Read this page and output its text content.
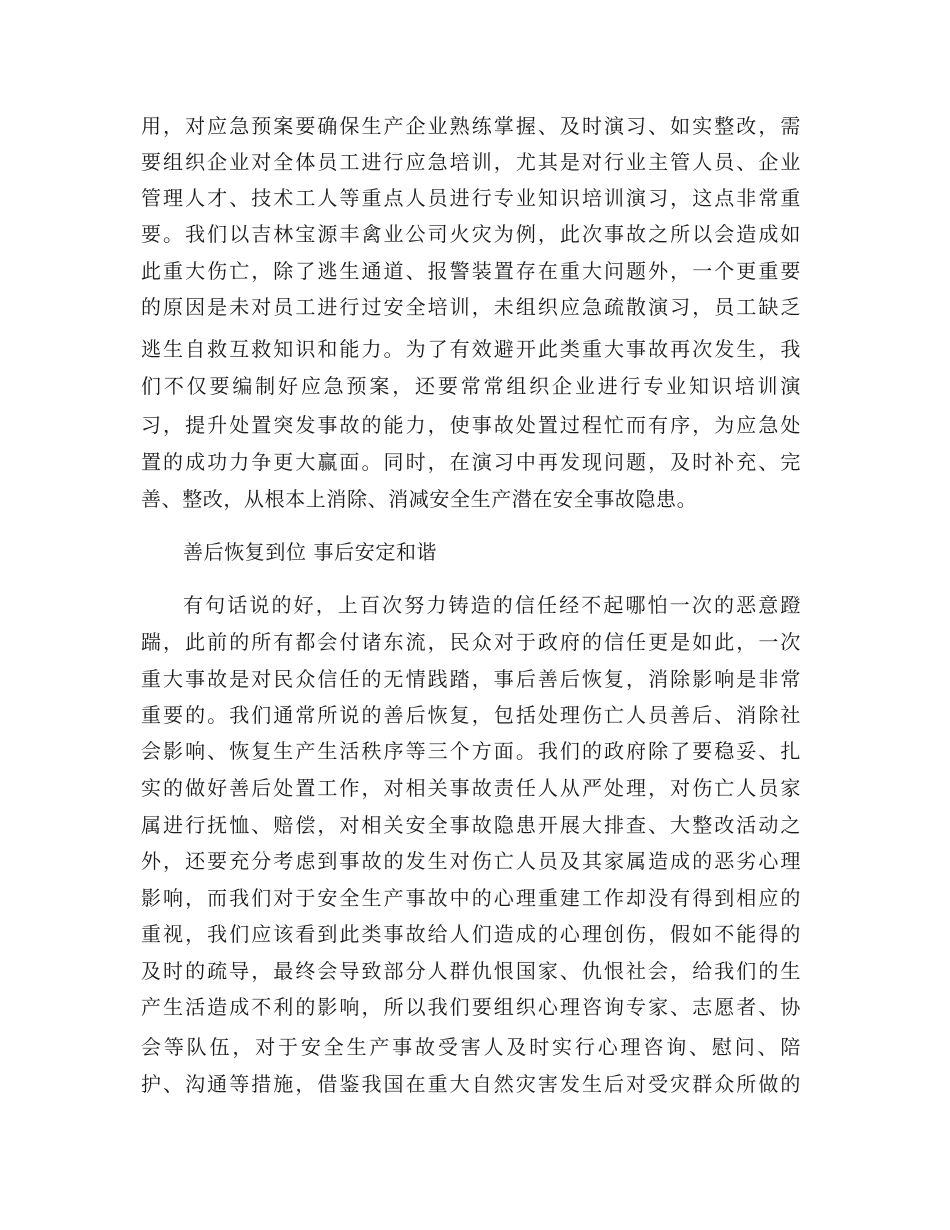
用，对应急预案要确保生产企业熟练掌握、及时演习、如实整改，需
要组织企业对全体员工进行应急培训，尤其是对行业主管人员、企业
管理人才、技术工人等重点人员进行专业知识培训演习，这点非常重
要。我们以吉林宝源丰禽业公司火灾为例，此次事故之所以会造成如
此重大伤亡，除了逃生通道、报警装置存在重大问题外，一个更重要
的原因是未对员工进行过安全培训，未组织应急疏散演习，员工缺乏
逃生自救互救知识和能力。为了有效避开此类重大事故再次发生，我
们不仅要编制好应急预案，还要常常组织企业进行专业知识培训演
习，提升处置突发事故的能力，使事故处置过程忙而有序，为应急处
置的成功力争更大赢面。同时，在演习中再发现问题，及时补充、完
善、整改，从根本上消除、消减安全生产潜在安全事故隐患。
善后恢复到位 事后安定和谐
有句话说的好，上百次努力铸造的信任经不起哪怕一次的恶意蹬
踹，此前的所有都会付诸东流，民众对于政府的信任更是如此，一次
重大事故是对民众信任的无情践踏，事后善后恢复，消除影响是非常
重要的。我们通常所说的善后恢复，包括处理伤亡人员善后、消除社
会影响、恢复生产生活秩序等三个方面。我们的政府除了要稳妥、扎
实的做好善后处置工作，对相关事故责任人从严处理，对伤亡人员家
属进行抚恤、赔偿，对相关安全事故隐患开展大排查、大整改活动之
外，还要充分考虑到事故的发生对伤亡人员及其家属造成的恶劣心理
影响，而我们对于安全生产事故中的心理重建工作却没有得到相应的
重视，我们应该看到此类事故给人们造成的心理创伤，假如不能得的
及时的疏导，最终会导致部分人群仇恨国家、仇恨社会，给我们的生
产生活造成不利的影响，所以我们要组织心理咨询专家、志愿者、协
会等队伍，对于安全生产事故受害人及时实行心理咨询、慰问、陪
护、沟通等措施，借鉴我国在重大自然灾害发生后对受灾群众所做的
